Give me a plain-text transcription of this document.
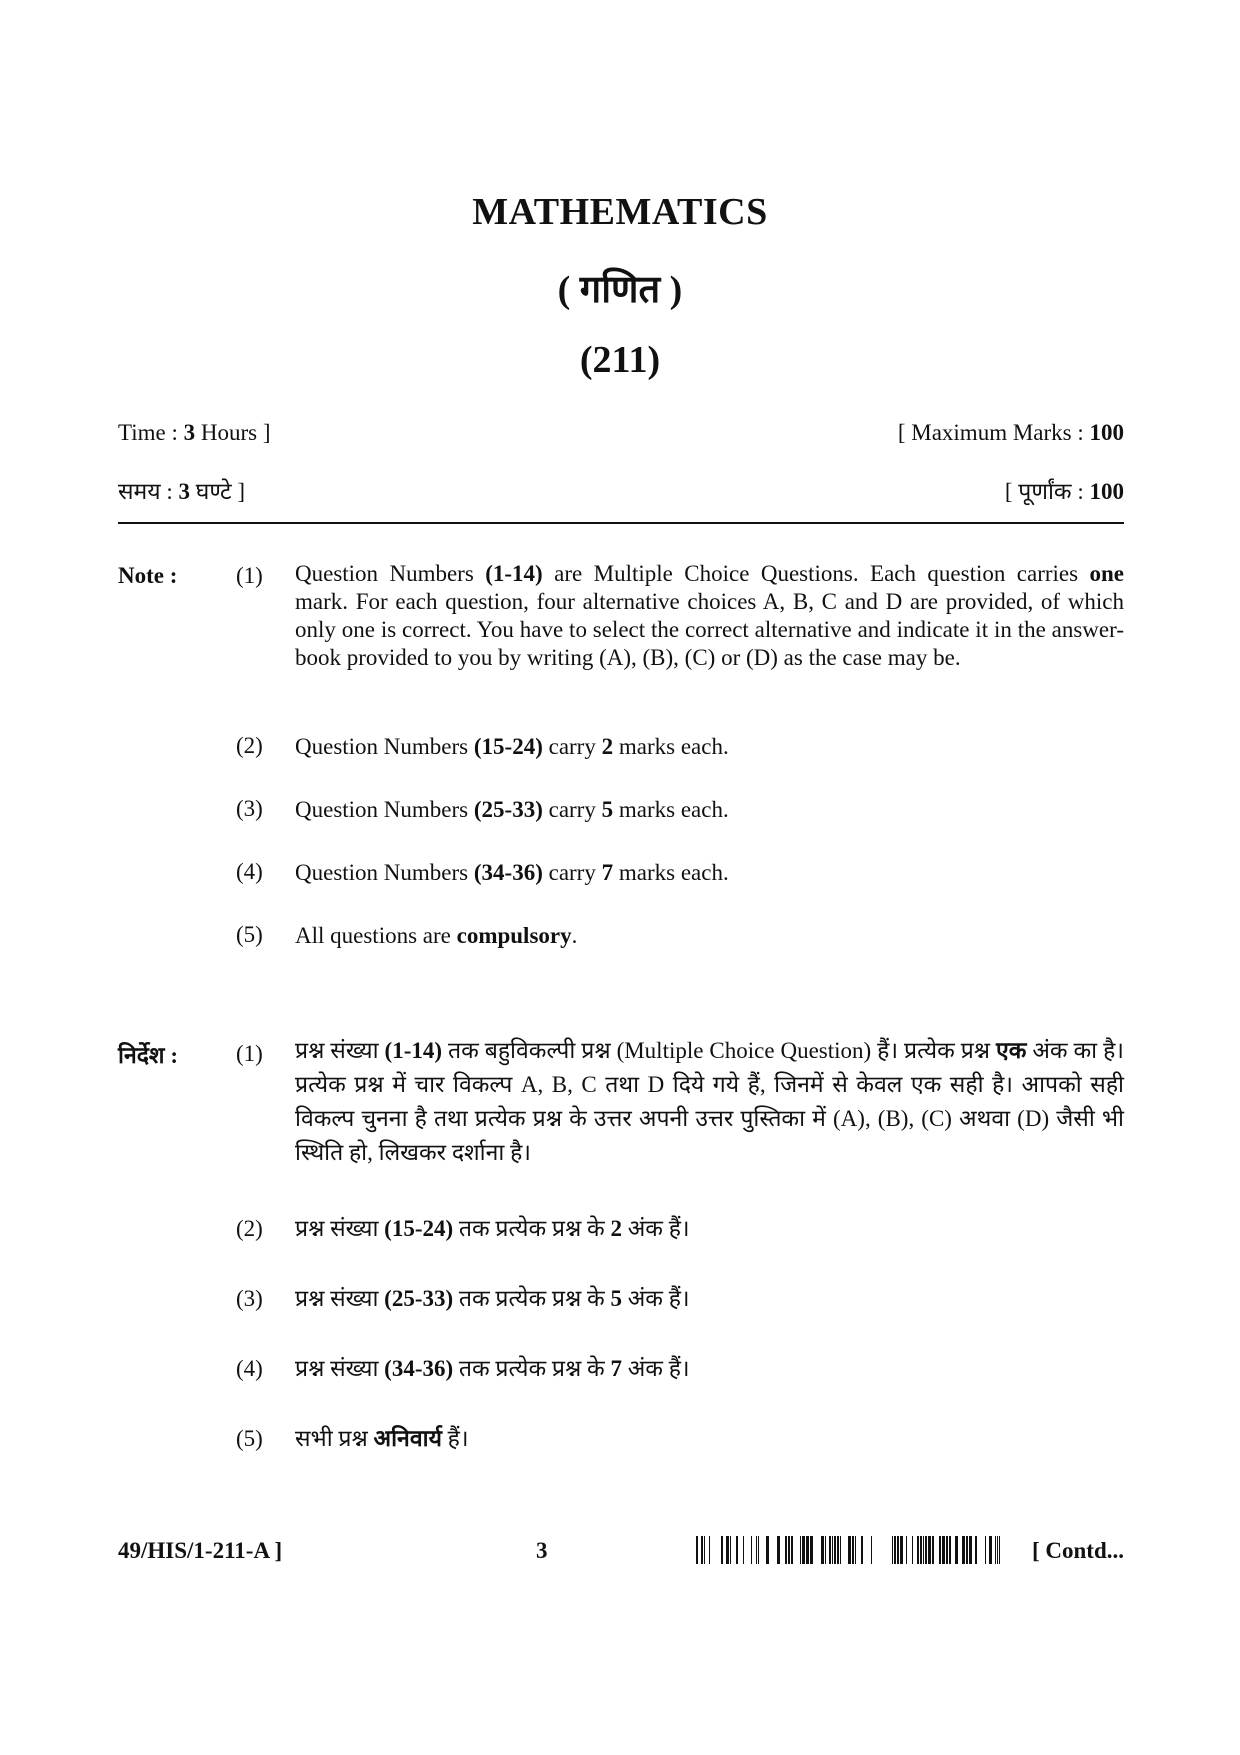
MATHEMATICS
( गणित )
(211)
Time : 3 Hours ]	[ Maximum Marks : 100
समय : 3 घण्टे ]	[ पूर्णांक : 100
Note :	(1) Question Numbers (1-14) are Multiple Choice Questions. Each question carries one mark. For each question, four alternative choices A, B, C and D are provided, of which only one is correct. You have to select the correct alternative and indicate it in the answer-book provided to you by writing (A), (B), (C) or (D) as the case may be.
(2) Question Numbers (15-24) carry 2 marks each.
(3) Question Numbers (25-33) carry 5 marks each.
(4) Question Numbers (34-36) carry 7 marks each.
(5) All questions are compulsory.
निर्देश :	(1) प्रश्न संख्या (1-14) तक बहुविकल्पी प्रश्न (Multiple Choice Question) हैं। प्रत्येक प्रश्न एक अंक का है। प्रत्येक प्रश्न में चार विकल्प A, B, C तथा D दिये गये हैं, जिनमें से केवल एक सही है। आपको सही विकल्प चुनना है तथा प्रत्येक प्रश्न के उत्तर अपनी उत्तर पुस्तिका में (A), (B), (C) अथवा (D) जैसी भी स्थिति हो, लिखकर दर्शाना है।
(2) प्रश्न संख्या (15-24) तक प्रत्येक प्रश्न के 2 अंक हैं।
(3) प्रश्न संख्या (25-33) तक प्रत्येक प्रश्न के 5 अंक हैं।
(4) प्रश्न संख्या (34-36) तक प्रत्येक प्रश्न के 7 अंक हैं।
(5) सभी प्रश्न अनिवार्य हैं।
49/HIS/1-211-A ]	3	[ Contd...
